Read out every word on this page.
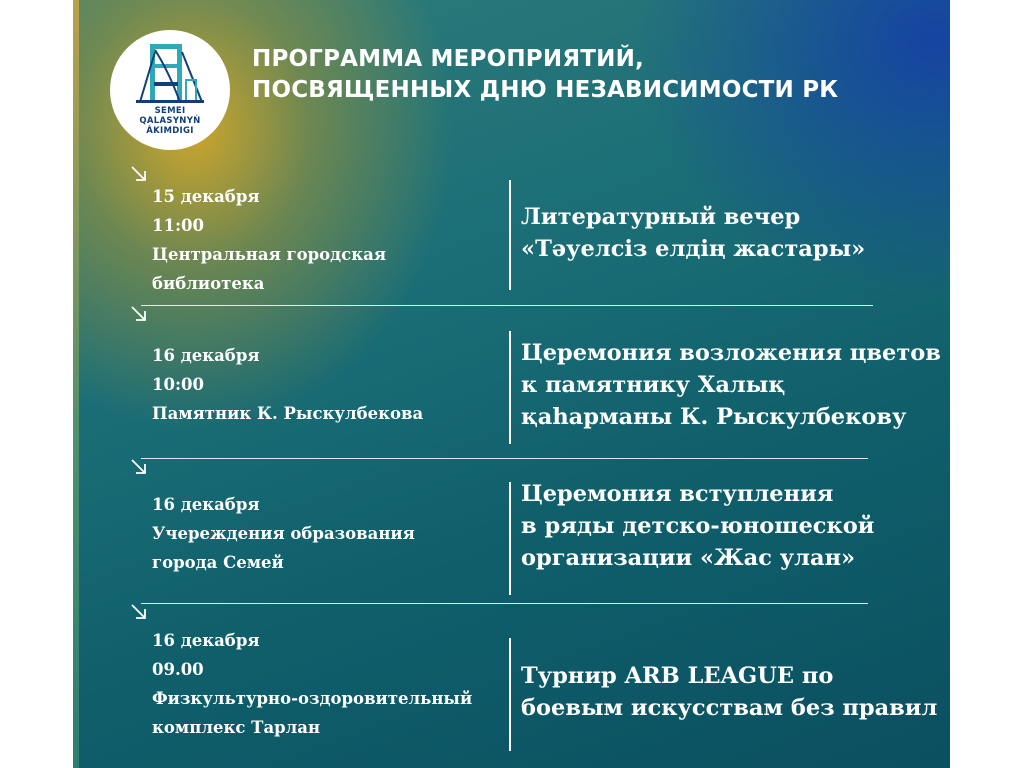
SEMEI
QALASYNYŃ
ÁKIMDIGI
ПРОГРАММА МЕРОПРИЯТИЙ,
ПОСВЯЩЕННЫХ ДНЮ НЕЗАВИСИМОСТИ РК
15 декабря
11:00
Центральная городская
библиотека
Литературный вечер
«Тәуелсіз елдің жастары»
16 декабря
10:00
Памятник К. Рыскулбекова
Церемония возложения цветов
к памятнику Халық
қаһарманы К. Рыскулбекову
16 декабря
Учереждения образования
города Семей
Церемония вступления
в ряды детско-юношеской
организации «Жас улан»
16 декабря
09.00
Физкультурно-оздоровительный
комплекс Тарлан
Турнир ARB LEAGUE по
боевым искусствам без правил
